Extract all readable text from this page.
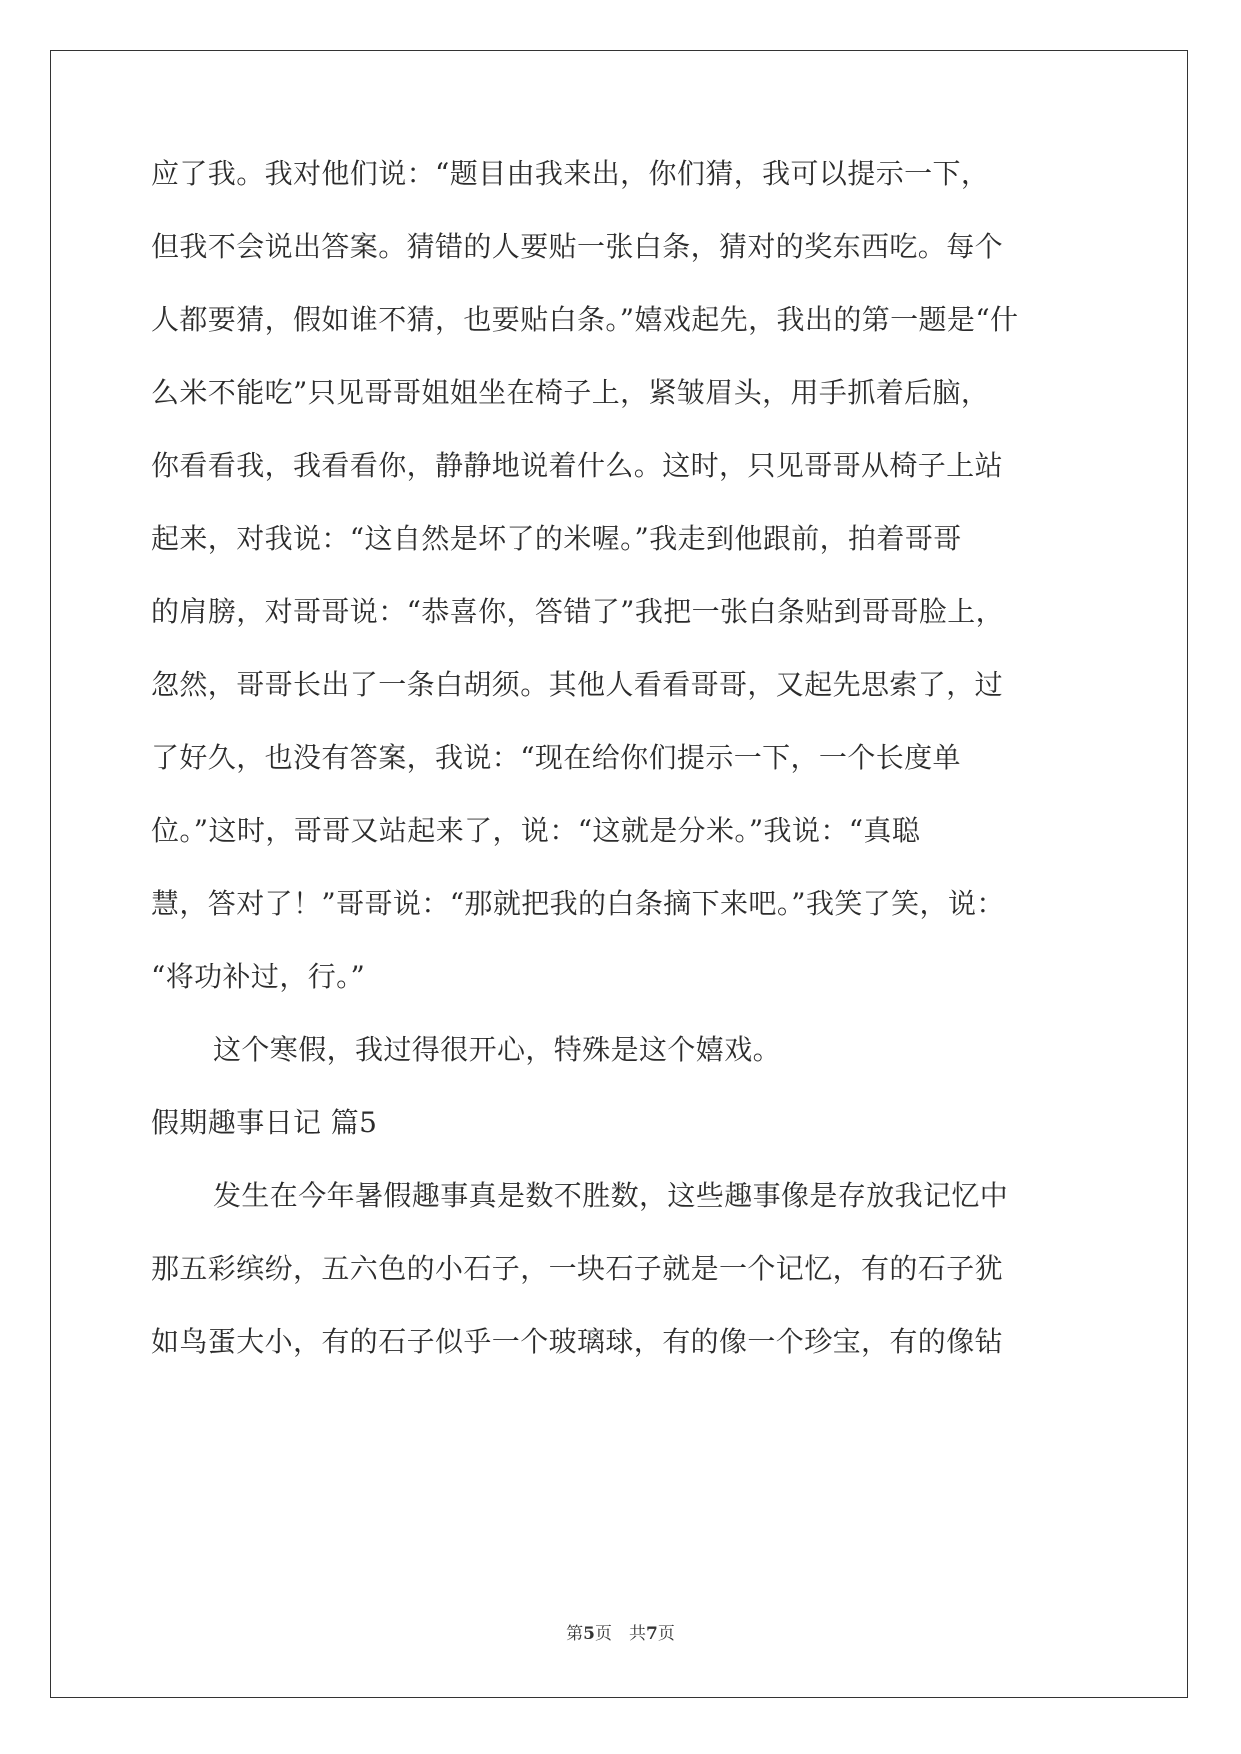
应了我。我对他们说：“题目由我来出，你们猜，我可以提示一下，
但我不会说出答案。猜错的人要贴一张白条，猜对的奖东西吃。每个
人都要猜，假如谁不猜，也要贴白条。”嬉戏起先，我出的第一题是“什
么米不能吃”只见哥哥姐姐坐在椅子上，紧皱眉头，用手抓着后脑，
你看看我，我看看你，静静地说着什么。这时，只见哥哥从椅子上站
起来，对我说：“这自然是坏了的米喔。”我走到他跟前，拍着哥哥
的肩膀，对哥哥说：“恭喜你，答错了”我把一张白条贴到哥哥脸上，
忽然，哥哥长出了一条白胡须。其他人看看哥哥，又起先思索了，过
了好久，也没有答案，我说：“现在给你们提示一下，一个长度单
位。”这时，哥哥又站起来了，说：“这就是分米。”我说：“真聪
慧，答对了！”哥哥说：“那就把我的白条摘下来吧。”我笑了笑，说：
“将功补过，行。”
这个寒假，我过得很开心，特殊是这个嬉戏。
假期趣事日记 篇5
发生在今年暑假趣事真是数不胜数，这些趣事像是存放我记忆中
那五彩缤纷，五六色的小石子，一块石子就是一个记忆，有的石子犹
如鸟蛋大小，有的石子似乎一个玻璃球，有的像一个珍宝，有的像钻
第5页　共7页
